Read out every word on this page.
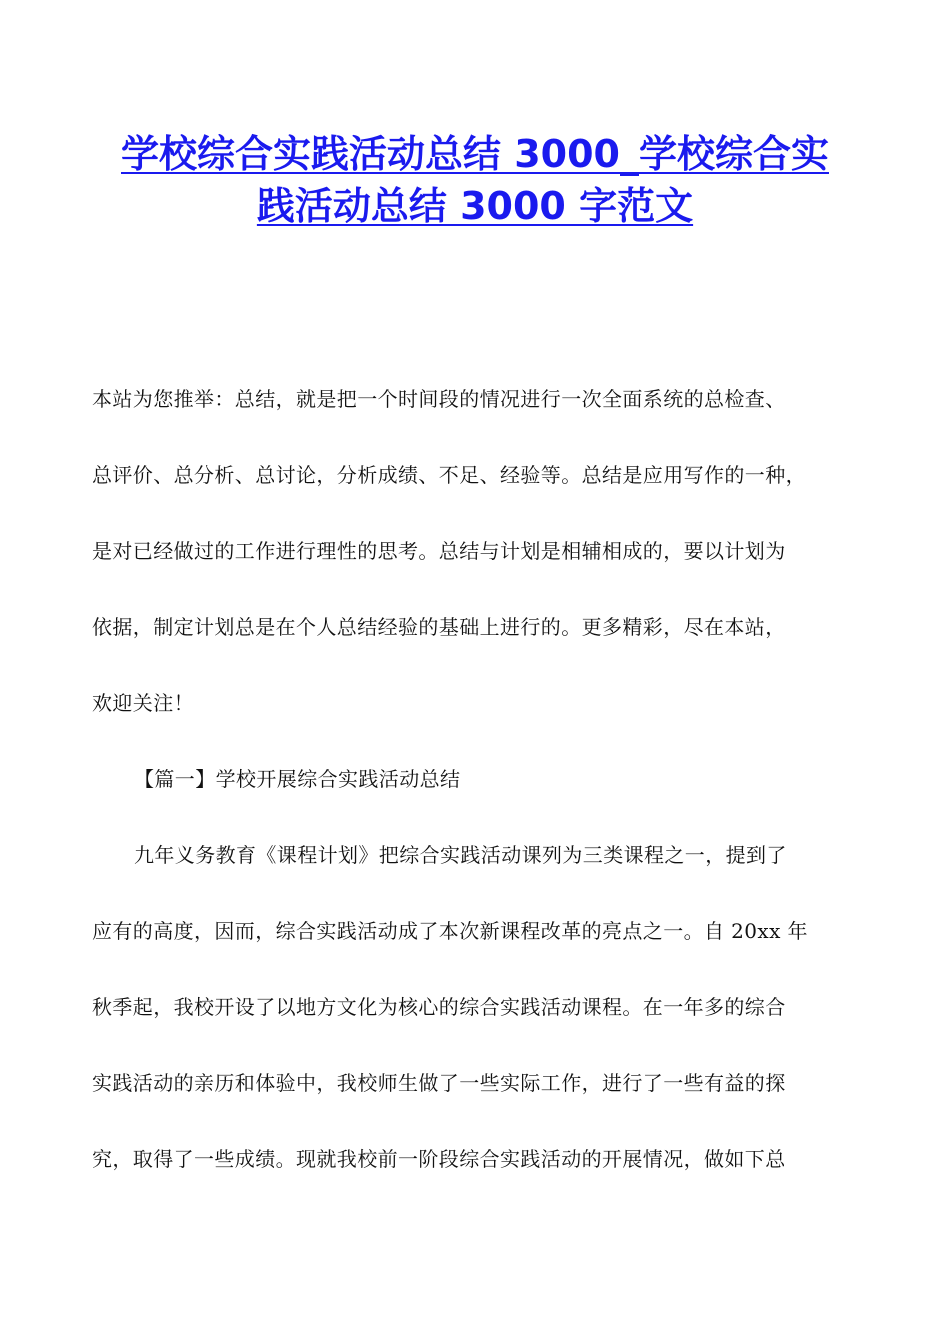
学校综合实践活动总结 3000_学校综合实
践活动总结 3000 字范文
本站为您推举：总结，就是把一个时间段的情况进行一次全面系统的总检查、
总评价、总分析、总讨论，分析成绩、不足、经验等。总结是应用写作的一种，
是对已经做过的工作进行理性的思考。总结与计划是相辅相成的，要以计划为
依据，制定计划总是在个人总结经验的基础上进行的。更多精彩，尽在本站，
欢迎关注！
【篇一】学校开展综合实践活动总结
九年义务教育《课程计划》把综合实践活动课列为三类课程之一，提到了
应有的高度，因而，综合实践活动成了本次新课程改革的亮点之一。自 20xx 年
秋季起，我校开设了以地方文化为核心的综合实践活动课程。在一年多的综合
实践活动的亲历和体验中，我校师生做了一些实际工作，进行了一些有益的探
究，取得了一些成绩。现就我校前一阶段综合实践活动的开展情况，做如下总
